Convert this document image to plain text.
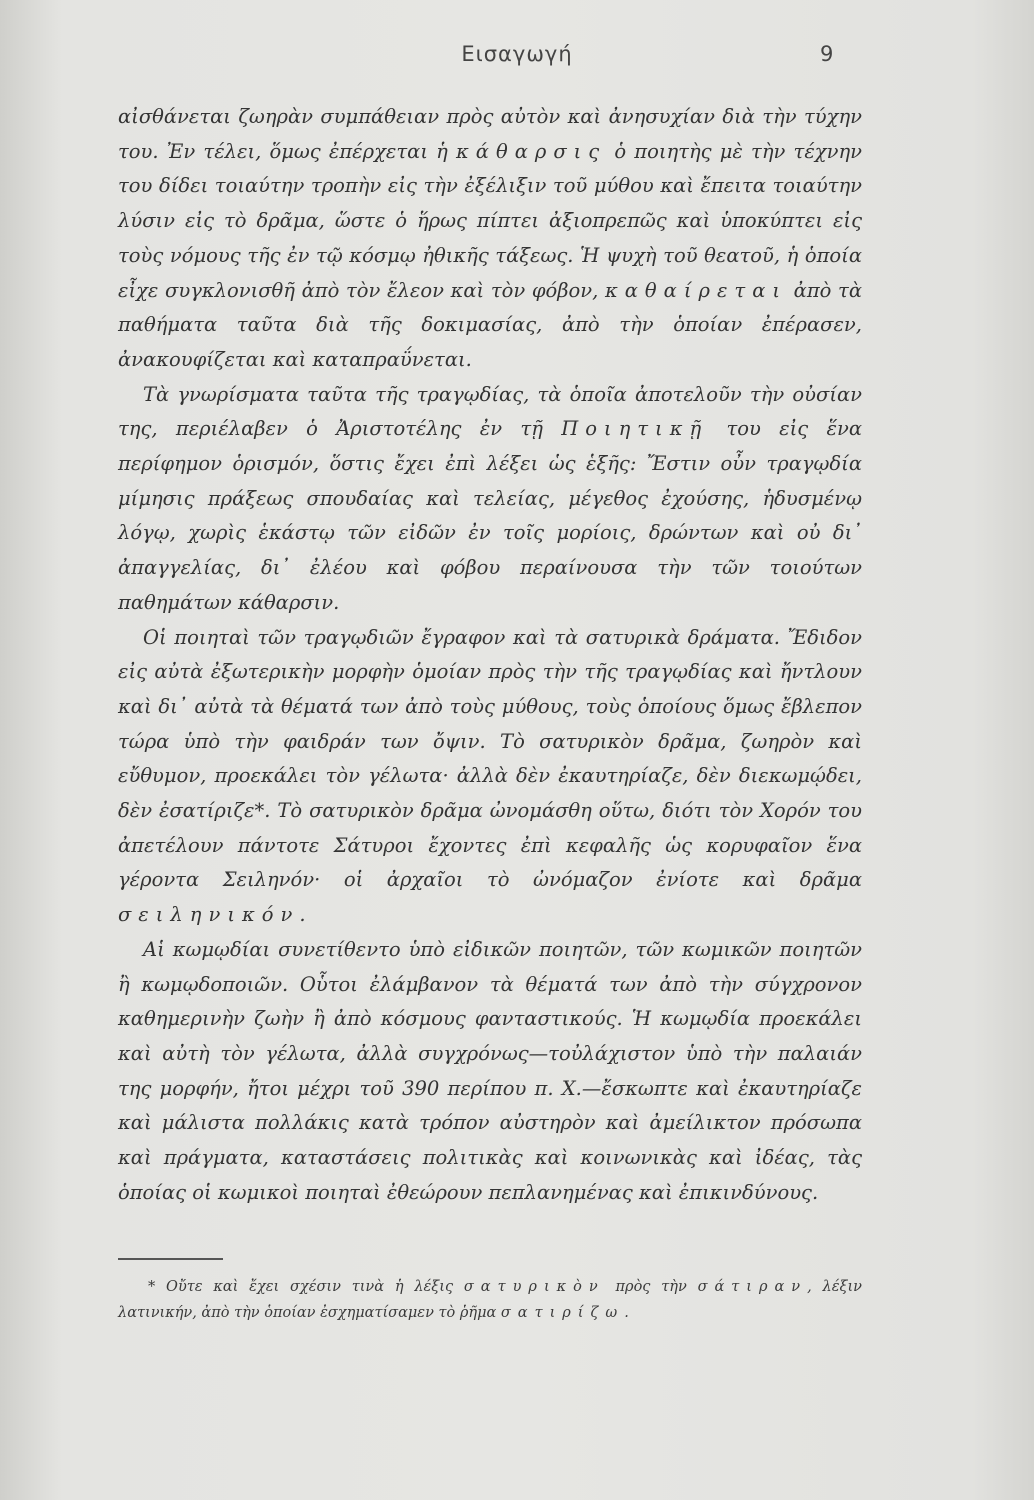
Εισαγωγή	9

αἰσθάνεται ζωηρὰν συμπάθειαν πρὸς αὐτὸν καὶ ἀνησυχίαν διὰ τὴν τύχην του. Ἐν τέλει, ὅμως ἐπέρχεται ἡ κάθαρσις ὁ ποιητὴς μὲ τὴν τέχνην του δίδει τοιαύτην τροπὴν εἰς τὴν ἐξέλιξιν τοῦ μύθου καὶ ἔπειτα τοιαύτην λύσιν εἰς τὸ δρᾶμα, ὥστε ὁ ἥρως πίπτει ἀξιοπρεπῶς καὶ ὑποκύπτει εἰς τοὺς νόμους τῆς ἐν τῷ κόσμῳ ἠθικῆς τάξεως. Ἡ ψυχὴ τοῦ θεατοῦ, ἡ ὁποία εἶχε συγκλονισθῆ ἀπὸ τὸν ἔλεον καὶ τὸν φόβον, καθαίρεται ἀπὸ τὰ παθήματα ταῦτα διὰ τῆς δοκιμασίας, ἀπὸ τὴν ὁποίαν ἐπέρασεν, ἀνακουφίζεται καὶ καταπραΰνεται.

Τὰ γνωρίσματα ταῦτα τῆς τραγῳδίας, τὰ ὁποῖα ἀποτελοῦν τὴν οὐσίαν της, περιέλαβεν ὁ Ἀριστοτέλης ἐν τῇ Ποιητικῇ του εἰς ἕνα περίφημον ὁρισμόν, ὅστις ἔχει ἐπὶ λέξει ὡς ἑξῆς: Ἔστιν οὖν τραγῳδία μίμησις πράξεως σπουδαίας καὶ τελείας, μέγεθος ἐχούσης, ἡδυσμένῳ λόγῳ, χωρὶς ἑκάστῳ τῶν εἰδῶν ἐν τοῖς μορίοις, δρώντων καὶ οὐ δι᾽ ἀπαγγελίας, δι᾽ ἐλέου καὶ φόβου περαίνουσα τὴν τῶν τοιούτων παθημάτων κάθαρσιν.

Οἱ ποιηταὶ τῶν τραγῳδιῶν ἔγραφον καὶ τὰ σατυρικὰ δράματα. Ἔδιδον εἰς αὐτὰ ἐξωτερικὴν μορφὴν ὁμοίαν πρὸς τὴν τῆς τραγῳδίας καὶ ἤντλουν καὶ δι᾽ αὐτὰ τὰ θέματά των ἀπὸ τοὺς μύθους, τοὺς ὁποίους ὅμως ἔβλεπον τώρα ὑπὸ τὴν φαιδράν των ὄψιν. Τὸ σατυρικὸν δρᾶμα, ζωηρὸν καὶ εὔθυμον, προεκάλει τὸν γέλωτα· ἀλλὰ δὲν ἐκαυτηρίαζε, δὲν διεκωμῴδει, δὲν ἐσατίριζε*. Τὸ σατυρικὸν δρᾶμα ὠνομάσθη οὕτω, διότι τὸν Χορόν του ἀπετέλουν πάντοτε Σάτυροι ἔχοντες ἐπὶ κεφαλῆς ὡς κορυφαῖον ἕνα γέροντα Σειληνόν· οἱ ἀρχαῖοι τὸ ὠνόμαζον ἐνίοτε καὶ δρᾶμα σειληνικόν.

Αἱ κωμῳδίαι συνετίθεντο ὑπὸ εἰδικῶν ποιητῶν, τῶν κωμικῶν ποιητῶν ἢ κωμῳδοποιῶν. Οὗτοι ἐλάμβανον τὰ θέματά των ἀπὸ τὴν σύγχρονον καθημερινὴν ζωὴν ἢ ἀπὸ κόσμους φανταστικούς. Ἡ κωμῳδία προεκάλει καὶ αὐτὴ τὸν γέλωτα, ἀλλὰ συγχρόνως—τοὐλάχιστον ὑπὸ τὴν παλαιάν της μορφήν, ἤτοι μέχρι τοῦ 390 περίπου π. Χ.—ἔσκωπτε καὶ ἐκαυτηρίαζε καὶ μάλιστα πολλάκις κατὰ τρόπον αὐστηρὸν καὶ ἀμείλικτον πρόσωπα καὶ πράγματα, καταστάσεις πολιτικὰς καὶ κοινωνικὰς καὶ ἰδέας, τὰς ὁποίας οἱ κωμικοὶ ποιηταὶ ἐθεώρουν πεπλανημένας καὶ ἐπικινδύνους.

* Οὔτε καὶ ἔχει σχέσιν τινὰ ἡ λέξις σατυρικὸν πρὸς τὴν σάτιραν, λέξιν λατινικήν, ἀπὸ τὴν ὁποίαν ἐσχηματίσαμεν τὸ ῥῆμα σατιρίζω.
